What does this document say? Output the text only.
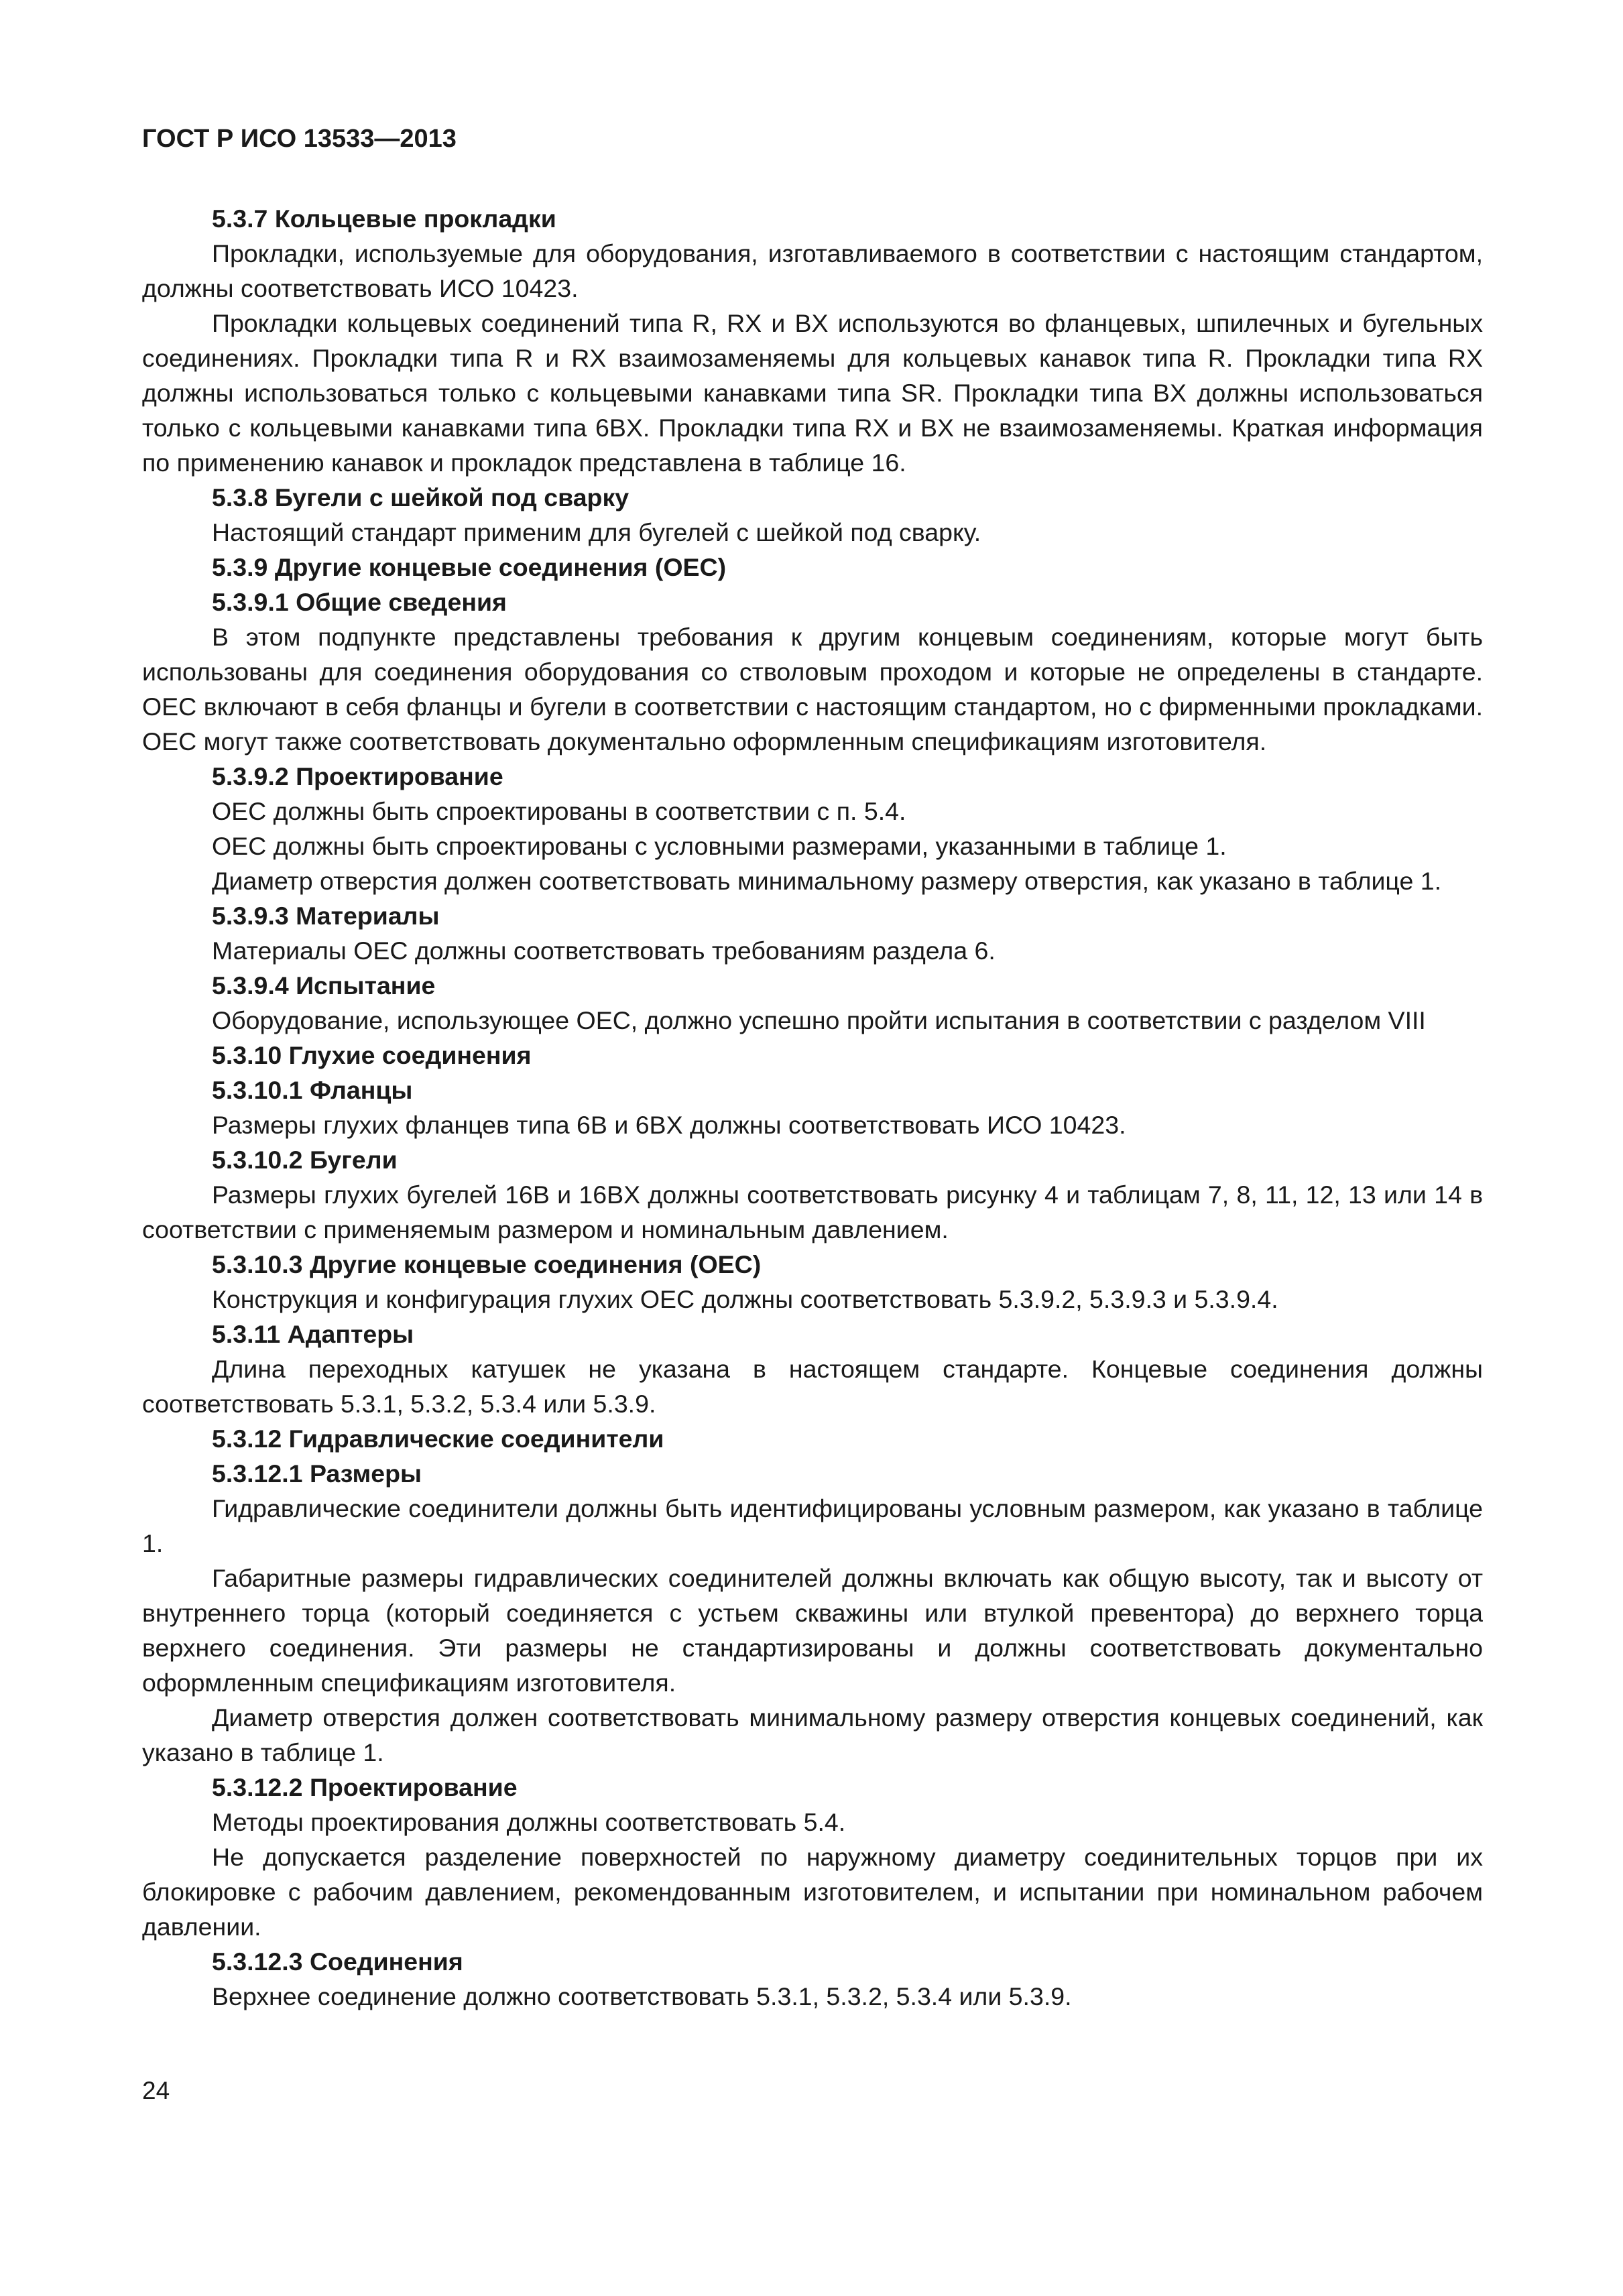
ГОСТ Р ИСО 13533—2013
5.3.7 Кольцевые прокладки

Прокладки, используемые для оборудования, изготавливаемого в соответствии с настоящим стандартом, должны соответствовать ИСО 10423.

Прокладки кольцевых соединений типа R, RX и BX используются во фланцевых, шпилечных и бугельных соединениях. Прокладки типа R и RX взаимозаменяемы для кольцевых канавок типа R. Прокладки типа RX должны использоваться только с кольцевыми канавками типа SR. Прокладки типа BX должны использоваться только с кольцевыми канавками типа 6BX. Прокладки типа RX и BX не взаимозаменяемы. Краткая информация по применению канавок и прокладок представлена в таблице 16.

5.3.8 Бугели с шейкой под сварку

Настоящий стандарт применим для бугелей с шейкой под сварку.

5.3.9 Другие концевые соединения (OEC)
5.3.9.1 Общие сведения

В этом подпункте представлены требования к другим концевым соединениям, которые могут быть использованы для соединения оборудования со стволовым проходом и которые не определены в стандарте. OEC включают в себя фланцы и бугели в соответствии с настоящим стандартом, но с фирменными прокладками. OEC могут также соответствовать документально оформленным спецификациям изготовителя.

5.3.9.2 Проектирование

OEC должны быть спроектированы в соответствии с п. 5.4.

OEC должны быть спроектированы с условными размерами, указанными в таблице 1.

Диаметр отверстия должен соответствовать минимальному размеру отверстия, как указано в таблице 1.

5.3.9.3 Материалы

Материалы OEC должны соответствовать требованиям раздела 6.

5.3.9.4 Испытание

Оборудование, использующее OEC, должно успешно пройти испытания в соответствии с разделом VIII

5.3.10 Глухие соединения
5.3.10.1 Фланцы

Размеры глухих фланцев типа 6B и 6BX должны соответствовать ИСО 10423.

5.3.10.2 Бугели

Размеры глухих бугелей 16B и 16BX должны соответствовать рисунку 4 и таблицам 7, 8, 11, 12, 13 или 14 в соответствии с применяемым размером и номинальным давлением.

5.3.10.3 Другие концевые соединения (OEC)

Конструкция и конфигурация глухих OEC должны соответствовать 5.3.9.2, 5.3.9.3 и 5.3.9.4.

5.3.11 Адаптеры

Длина переходных катушек не указана в настоящем стандарте. Концевые соединения должны соответствовать 5.3.1, 5.3.2, 5.3.4 или 5.3.9.

5.3.12 Гидравлические соединители
5.3.12.1 Размеры

Гидравлические соединители должны быть идентифицированы условным размером, как указано в таблице 1.

Габаритные размеры гидравлических соединителей должны включать как общую высоту, так и высоту от внутреннего торца (который соединяется с устьем скважины или втулкой превентора) до верхнего торца верхнего соединения. Эти размеры не стандартизированы и должны соответствовать документально оформленным спецификациям изготовителя.

Диаметр отверстия должен соответствовать минимальному размеру отверстия концевых соединений, как указано в таблице 1.

5.3.12.2 Проектирование

Методы проектирования должны соответствовать 5.4.

Не допускается разделение поверхностей по наружному диаметру соединительных торцов при их блокировке с рабочим давлением, рекомендованным изготовителем, и испытании при номинальном рабочем давлении.

5.3.12.3 Соединения

Верхнее соединение должно соответствовать 5.3.1, 5.3.2, 5.3.4 или 5.3.9.

24
